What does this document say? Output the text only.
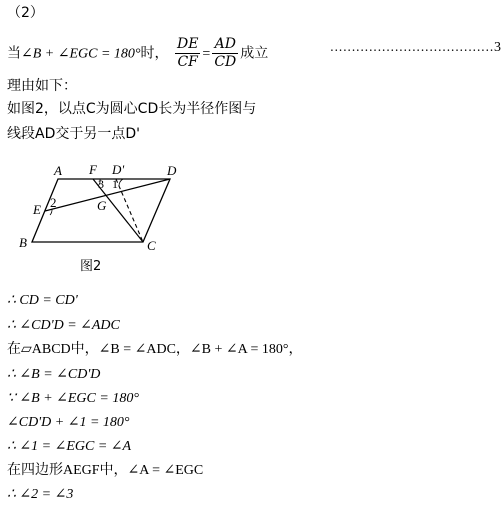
（2）
当∠B + ∠EGC = 180°时， $\frac{DE}{CF} = \frac{AD}{CD}$ 成立	......................................3
理由如下：
如图2，以点C为圆心CD长为半径作图与
线段AD交于另一点D'
A F D'	D
3 1
E 2	G
B	C
图2
∴ CD = CD'
∴ ∠CD'D = ∠ADC
在▱ABCD中，∠B = ∠ADC，∠B + ∠A = 180°，
∴ ∠B = ∠CD'D
∵ ∠B + ∠EGC = 180°
∠CD'D + ∠1 = 180°
∴ ∠1 = ∠EGC = ∠A
在四边形AEGF中，∠A = ∠EGC
∴ ∠2 = ∠3
